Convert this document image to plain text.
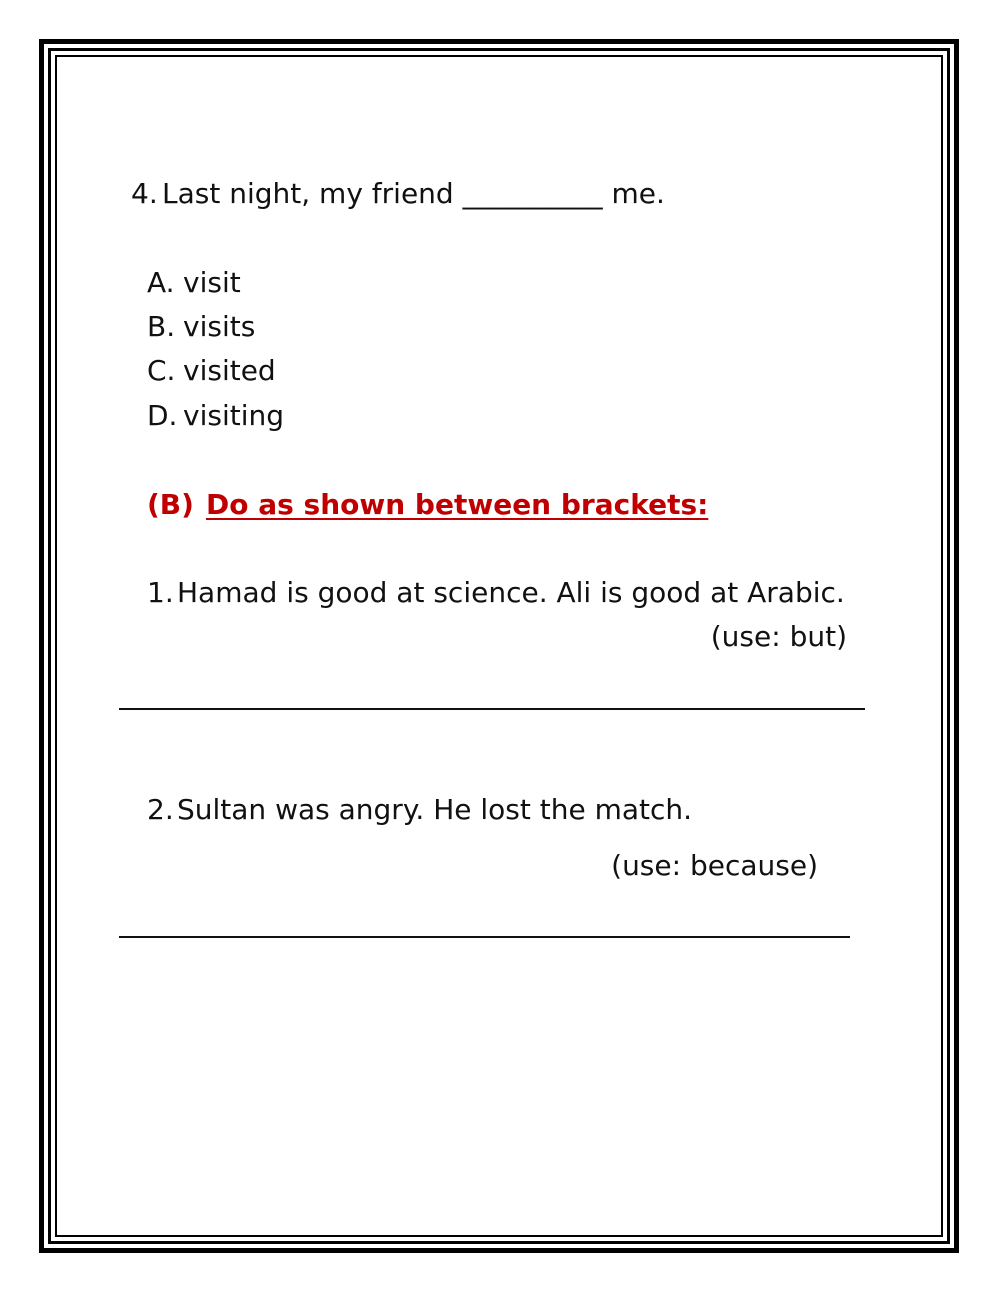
4. Last night, my friend __________ me.
A. visit
B. visits
C. visited
D. visiting
(B) Do as shown between brackets:
1. Hamad is good at science. Ali is good at Arabic.
(use: but)
2. Sultan was angry. He lost the match.
(use: because)
